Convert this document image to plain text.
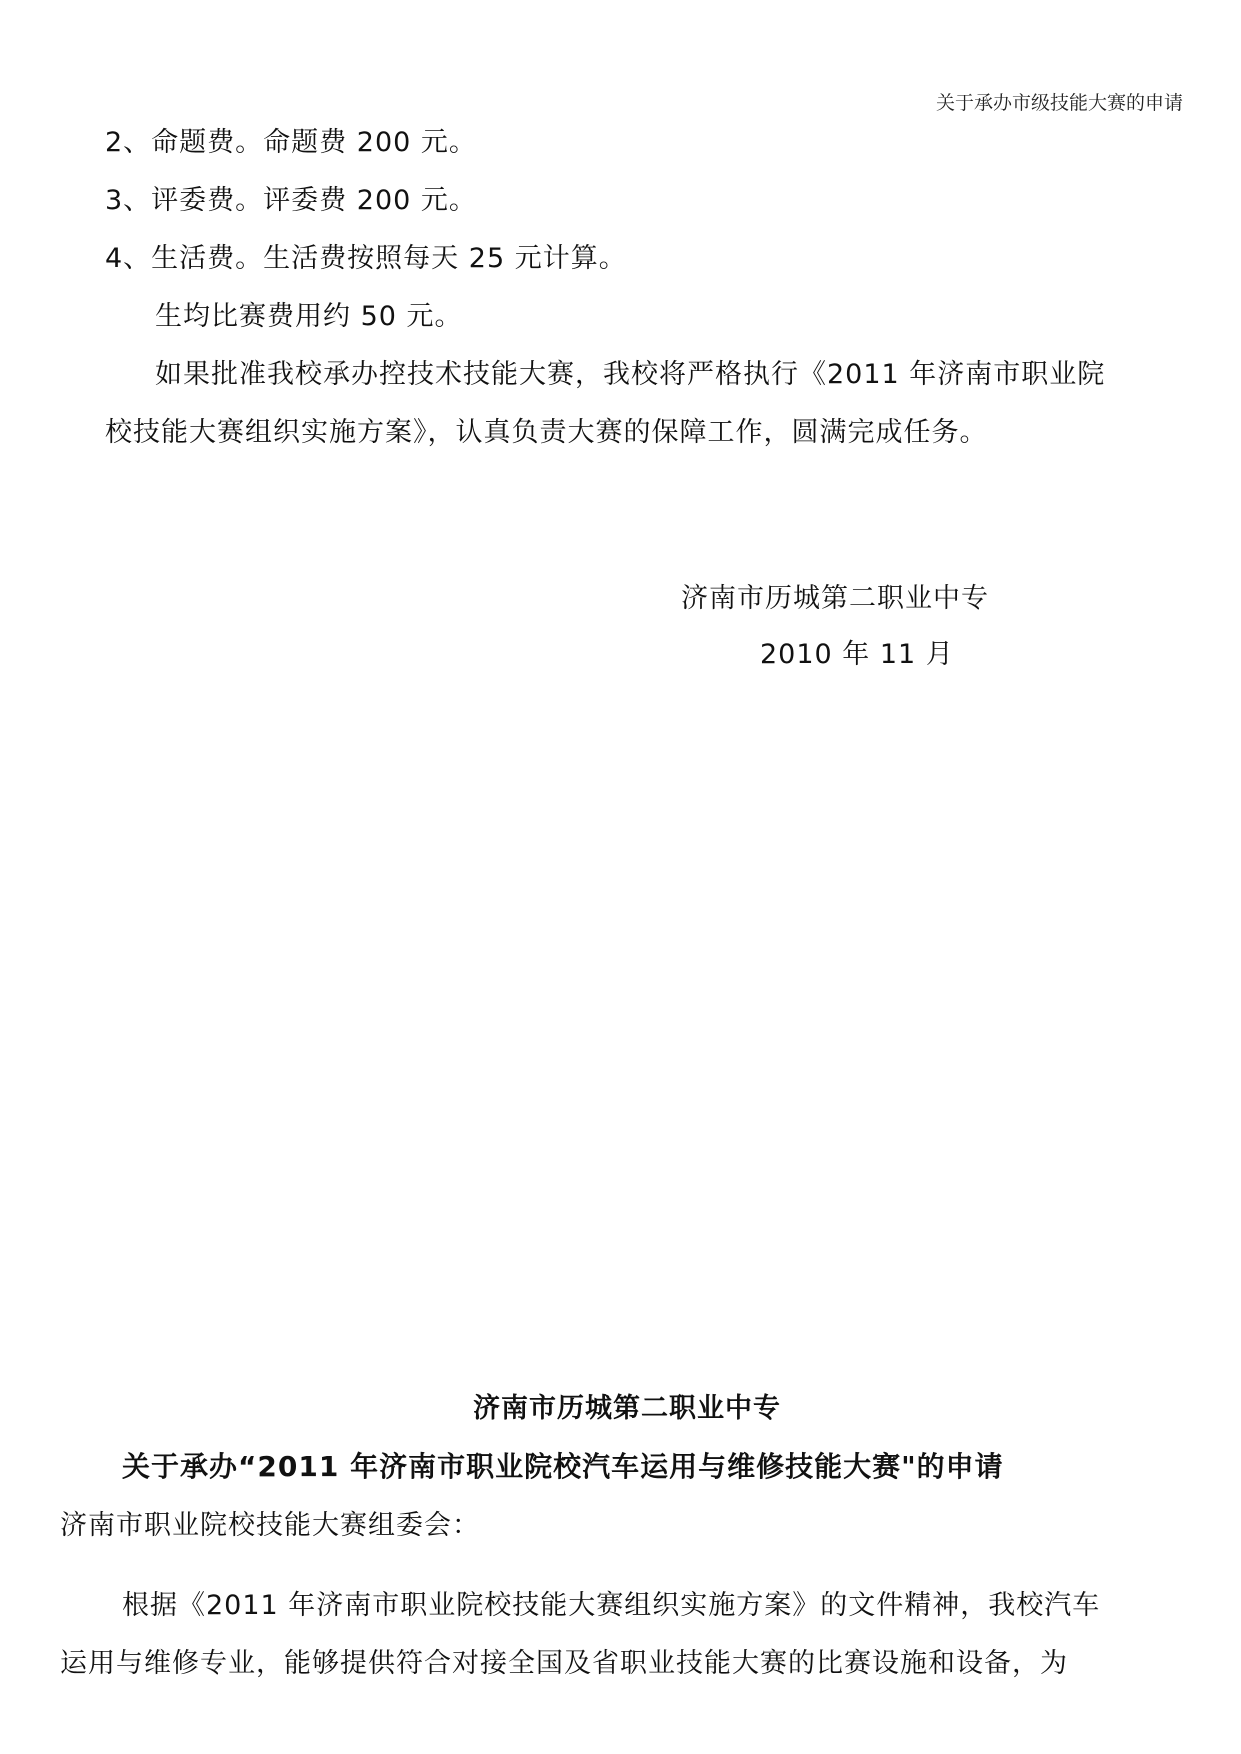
关于承办市级技能大赛的申请
2、命题费。命题费 200 元。
3、评委费。评委费 200 元。
4、生活费。生活费按照每天 25 元计算。
生均比赛费用约 50 元。
如果批准我校承办控技术技能大赛，我校将严格执行《2011 年济南市职业院
校技能大赛组织实施方案》，认真负责大赛的保障工作，圆满完成任务。
济南市历城第二职业中专
2010 年 11 月
济南市历城第二职业中专
关于承办“2011 年济南市职业院校汽车运用与维修技能大赛"的申请
济南市职业院校技能大赛组委会：
根据《2011 年济南市职业院校技能大赛组织实施方案》的文件精神，我校汽车
运用与维修专业，能够提供符合对接全国及省职业技能大赛的比赛设施和设备，为
